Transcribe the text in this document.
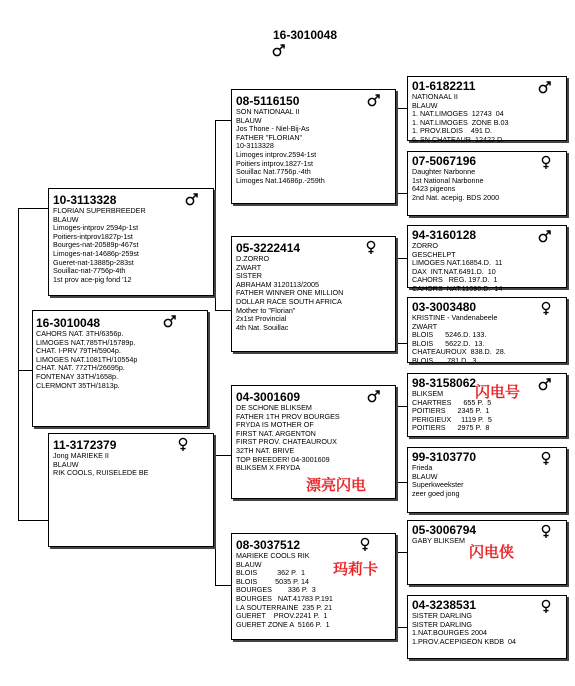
16-3010048
16-3010048
CAHORS NAT. 3TH/6356p.
LIMOGES NAT.785TH/15789p.
CHAT. I-PRV 79TH/5904p.
LIMOGES NAT.1081TH/10554p
CHAT. NAT. 772TH/26695p.
FONTENAY 33TH/1658p.
CLERMONT 35TH/1813p.
10-3113328
FLORIAN SUPERBREEDER
BLAUW
Limoges-intprov 2594p-1st
Poitiers-intprov1827p-1st
Bourges-nat-20589p-467st
Limoges-nat-14686p-259st
Gueret-nat-13885p-283st
Souillac-nat-7756p-4th
1st prov ace-pig fond '12
11-3172379
Jong MARIEKE II
BLAUW
RIK COOLS, RUISELEDE BE
08-5116150
SON NATIONAAL II
BLAUW
Jos Thone - Niel-Bij-As
FATHER "FLORIAN"
10-3113328
Limoges intprov.2594-1st
Poitiers intprov.1827-1st
Souillac Nat.7756p.-4th
Limoges Nat.14686p.-259th
05-3222414
D.ZORRO
ZWART
SISTER
ABRAHAM 3120113/2005
FATHER WINNER ONE MILLION
DOLLAR RACE SOUTH AFRICA
Mother to "Florian"
2x1st Provincial
4th Nat. Souillac
04-3001609
DE SCHONE BLIKSEM
FATHER 1TH PROV BOURGES
FRYDA IS MOTHER OF
FIRST NAT. ARGENTON
FIRST PROV. CHATEAUROUX
32TH NAT. BRIVE
TOP BREEDER! 04-3001609
BLIKSEM X FRYDA
08-3037512
MARIEKE COOLS RIK
BLAUW
BLOIS          362 P.  1
BLOIS         5035 P. 14
BOURGES        336 P.  3
BOURGES   NAT.41783 P.191
LA SOUTERRAINE  235 P. 21
GUERET    PROV.2241 P.  1
GUERET ZONE A  5166 P.  1
01-6182211
NATIONAAL II
BLAUW
1. NAT.LIMOGES  12743  04
1. NAT.LIMOGES  ZONE B.03
1. PROV.BLOIS    491 D.
6. SN CHATEAUR  12422 D.
07-5067196
Daughter Narbonne
1st National Narbonne
6423 pigeons
2nd Nat. acepig. BDS 2000
94-3160128
ZORRO
GESCHELPT
LIMOGES NAT.16854.D.  11
DAX  INT.NAT.6491.D.  10
CAHORS   REG. 197.D.  1
CAHORS  NAT.11090.D.  14
03-3003480
KRISTINE - Vandenabeele
ZWART
BLOIS      5246.D. 133.
BLOIS      5622.D.  13.
CHATEAUROUX  838.D.  28.
BLOIS       781.D.  3.
98-3158062
BLIKSEM
CHARTRES      655 P.  5
POITIERS      2345 P.  1
PERIGIEUX     1119 P.  5
POITIERS      2975 P.  8
99-3103770
Frieda
BLAUW
Superkweekster
zeer goed jong
05-3006794
GABY BLIKSEM
04-3238531
SISTER DARLING
SISTER DARLING
1.NAT.BOURGES 2004
1.PROV.ACEPIGEON KBDB  04
闪电号
漂亮闪电
玛莉卡
闪电侠
